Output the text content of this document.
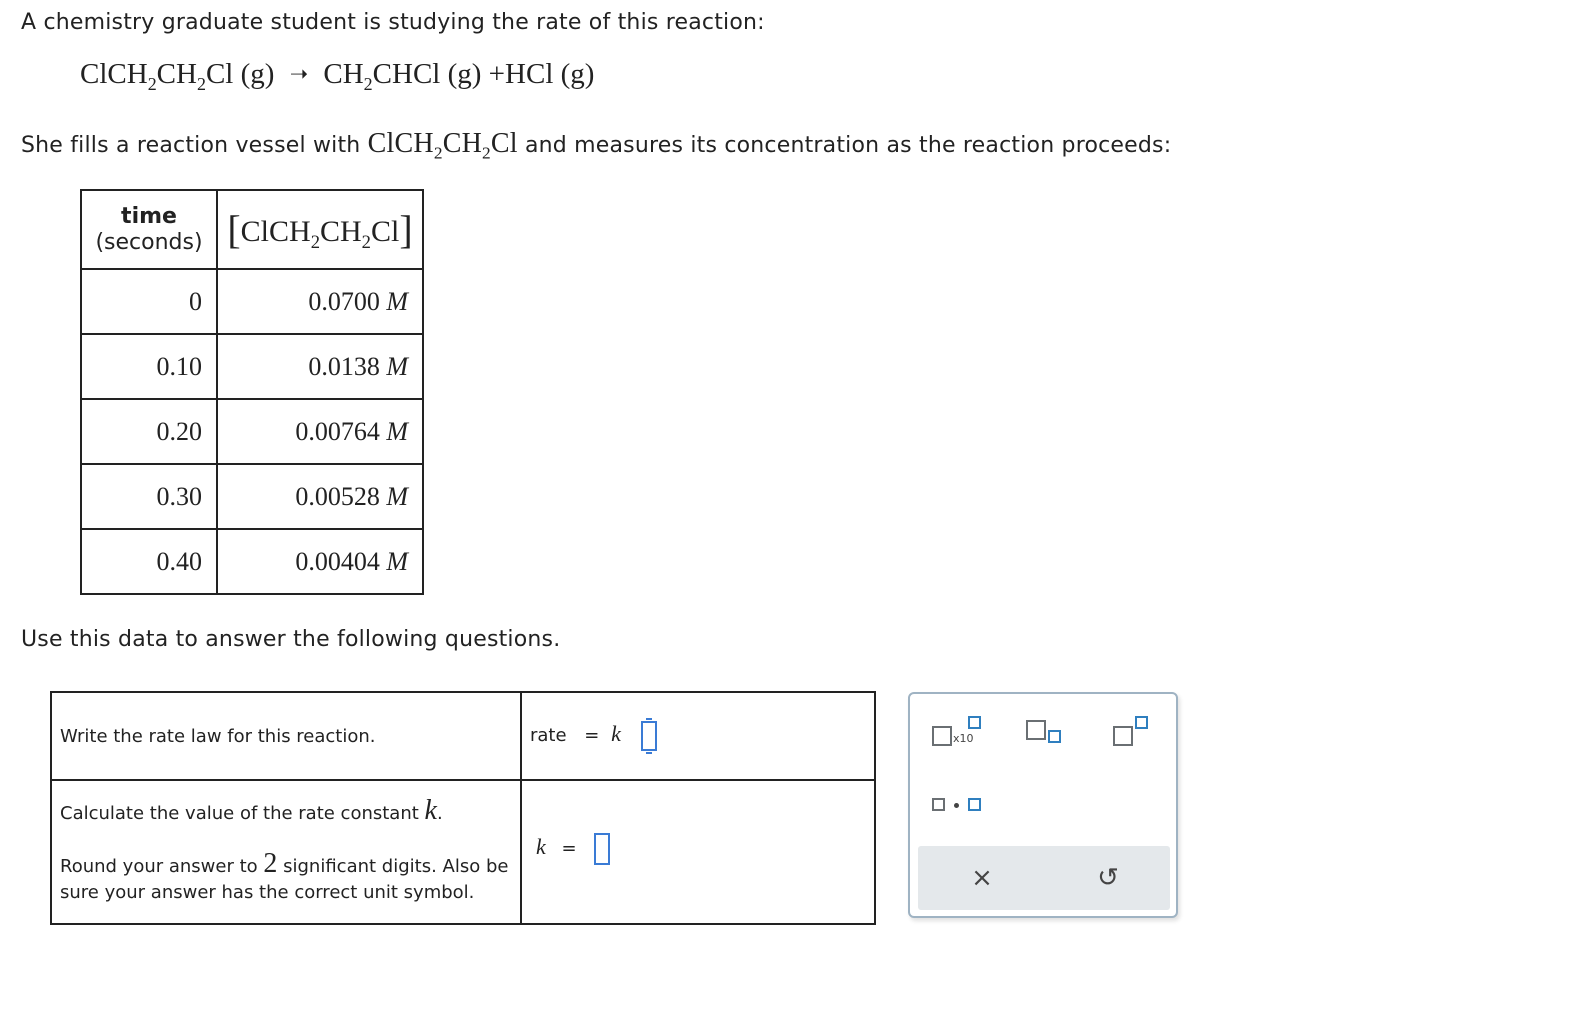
A chemistry graduate student is studying the rate of this reaction:
$ClCH_2CH_2Cl$ (g) ➝ $CH_2CHCl$ (g) +HCl (g)
She fills a reaction vessel with $ClCH_2CH_2Cl$ and measures its concentration as the reaction proceeds:
time
(seconds)	$[ClCH_2CH_2Cl]$
0	0.0700 M
0.10	0.0138 M
0.20	0.00764 M
0.30	0.00528 M
0.40	0.00404 M
Use this data to answer the following questions.
Write the rate law for this reaction.	rate = k

Calculate the value of the rate constant k.
Round your answer to 2 significant digits. Also be sure your answer has the correct unit symbol.	k =
x10
×	↺
